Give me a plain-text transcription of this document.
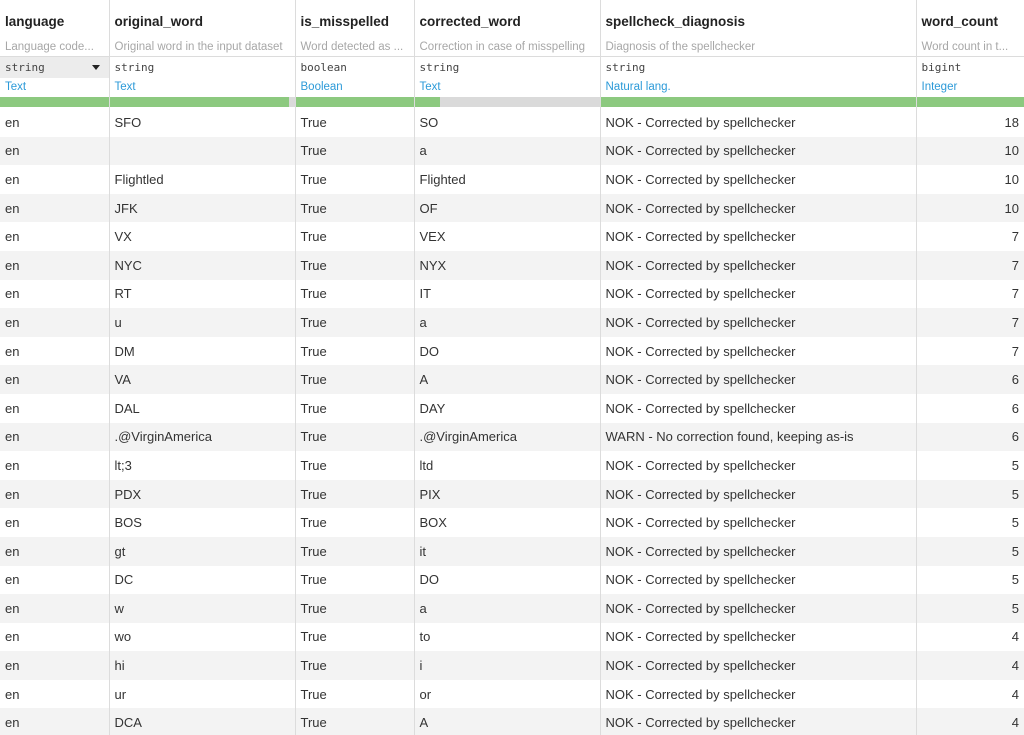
language	original_word	is_misspelled	corrected_word	spellcheck_diagnosis	word_count
Language code...	Original word in the input dataset	Word detected as ...	Correction in case of misspelling	Diagnosis of the spellchecker	Word count in t...

string	string	boolean	string	string	bigint
Text	Text	Boolean	Text	Natural lang.	Integer

en	SFO	True	SO	NOK - Corrected by spellchecker	18
en		True	a	NOK - Corrected by spellchecker	10
en	Flightled	True	Flighted	NOK - Corrected by spellchecker	10
en	JFK	True	OF	NOK - Corrected by spellchecker	10
en	VX	True	VEX	NOK - Corrected by spellchecker	7
en	NYC	True	NYX	NOK - Corrected by spellchecker	7
en	RT	True	IT	NOK - Corrected by spellchecker	7
en	u	True	a	NOK - Corrected by spellchecker	7
en	DM	True	DO	NOK - Corrected by spellchecker	7
en	VA	True	A	NOK - Corrected by spellchecker	6
en	DAL	True	DAY	NOK - Corrected by spellchecker	6
en	.@VirginAmerica	True	.@VirginAmerica	WARN - No correction found, keeping as-is	6
en	lt;3	True	ltd	NOK - Corrected by spellchecker	5
en	PDX	True	PIX	NOK - Corrected by spellchecker	5
en	BOS	True	BOX	NOK - Corrected by spellchecker	5
en	gt	True	it	NOK - Corrected by spellchecker	5
en	DC	True	DO	NOK - Corrected by spellchecker	5
en	w	True	a	NOK - Corrected by spellchecker	5
en	wo	True	to	NOK - Corrected by spellchecker	4
en	hi	True	i	NOK - Corrected by spellchecker	4
en	ur	True	or	NOK - Corrected by spellchecker	4
en	DCA	True	A	NOK - Corrected by spellchecker	4
